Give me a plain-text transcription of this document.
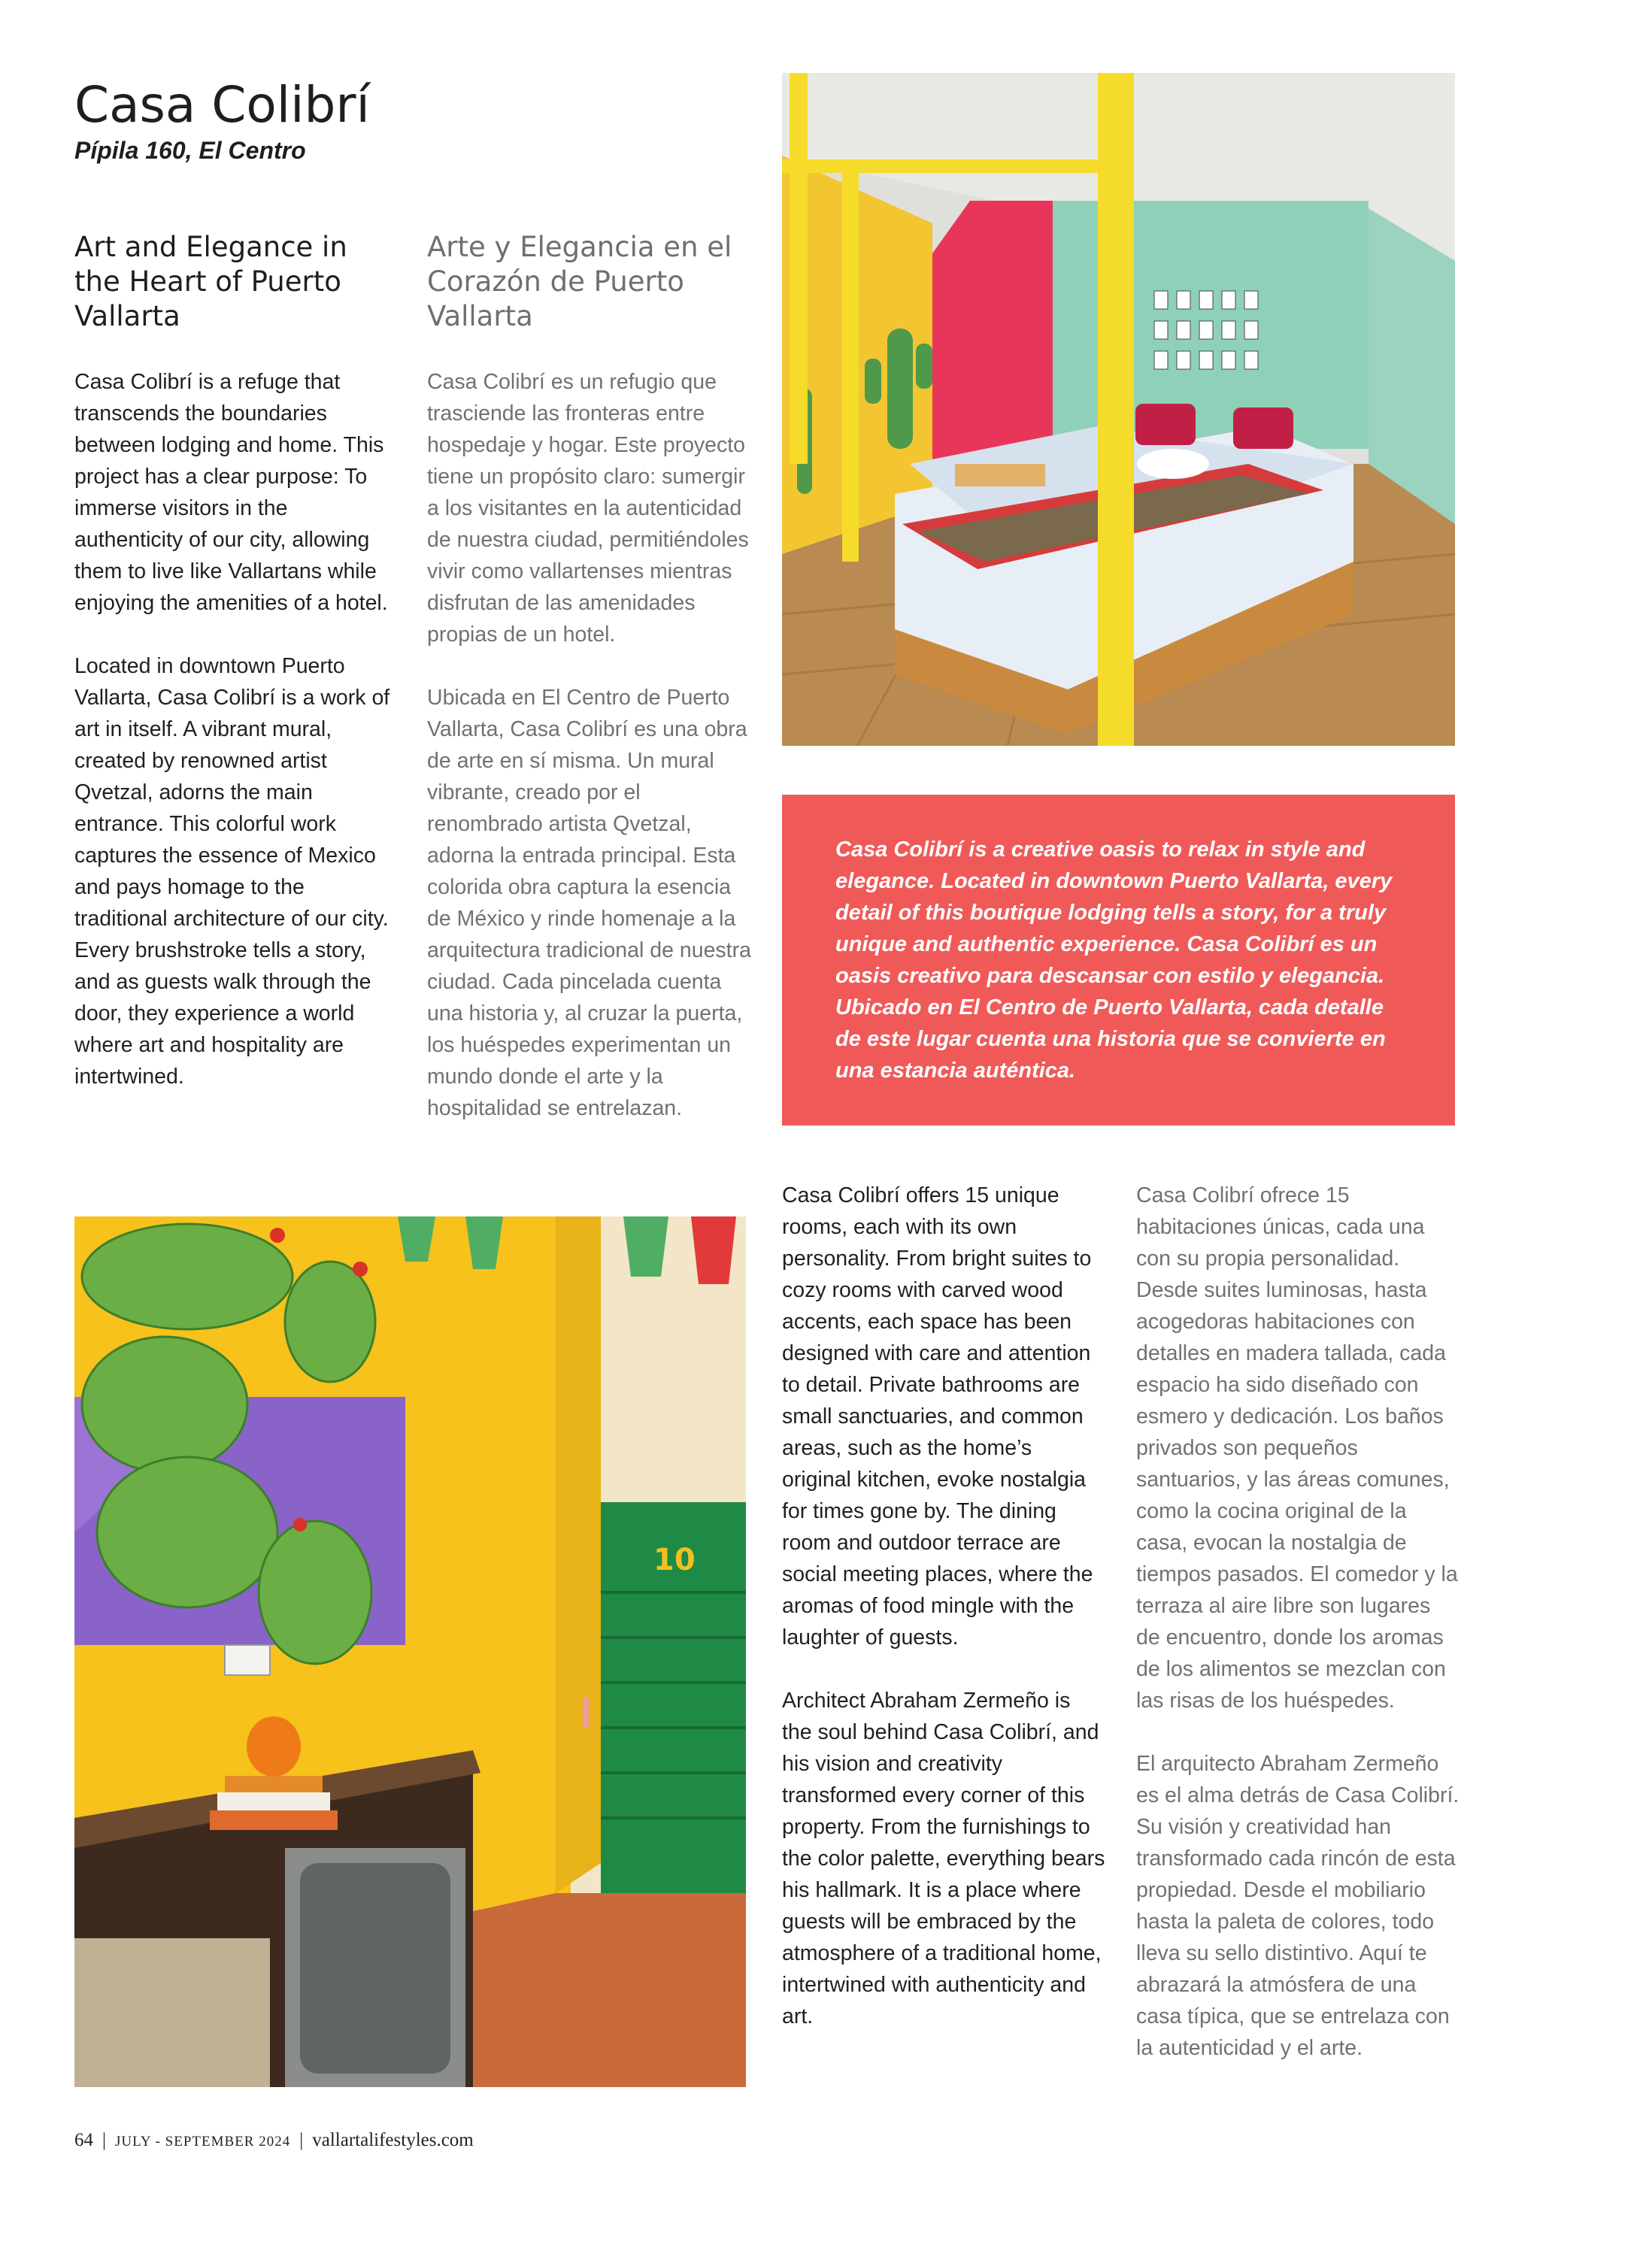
Casa Colibrí
Pípila 160, El Centro
Art and Elegance in the Heart of Puerto Vallarta
Arte y Elegancia en el Corazón de Puerto Vallarta

Casa Colibrí is a refuge that transcends the boundaries between lodging and home. This project has a clear purpose: To immerse visitors in the authenticity of our city, allowing them to live like Vallartans while enjoying the amenities of a hotel.

Located in downtown Puerto Vallarta, Casa Colibrí is a work of art in itself. A vibrant mural, created by renowned artist Qvetzal, adorns the main entrance. This colorful work captures the essence of Mexico and pays homage to the traditional architecture of our city. Every brushstroke tells a story, and as guests walk through the door, they experience a world where art and hospitality are intertwined.

Casa Colibrí es un refugio que trasciende las fronteras entre hospedaje y hogar. Este proyecto tiene un propósito claro: sumergir a los visitantes en la autenticidad de nuestra ciudad, permitiéndoles vivir como vallartenses mientras disfrutan de las amenidades propias de un hotel.

Ubicada en El Centro de Puerto Vallarta, Casa Colibrí es una obra de arte en sí misma. Un mural vibrante, creado por el renombrado artista Qvetzal, adorna la entrada principal. Esta colorida obra captura la esencia de México y rinde homenaje a la arquitectura tradicional de nuestra ciudad. Cada pincelada cuenta una historia y, al cruzar la puerta, los huéspedes experimentan un mundo donde el arte y la hospitalidad se entrelazan.

Casa Colibrí is a creative oasis to relax in style and elegance. Located in downtown Puerto Vallarta, every detail of this boutique lodging tells a story, for a truly unique and authentic experience. Casa Colibrí es un oasis creativo para descansar con estilo y elegancia. Ubicado en El Centro de Puerto Vallarta, cada detalle de este lugar cuenta una historia que se convierte en una estancia auténtica.

Casa Colibrí offers 15 unique rooms, each with its own personality. From bright suites to cozy rooms with carved wood accents, each space has been designed with care and attention to detail. Private bathrooms are small sanctuaries, and common areas, such as the home’s original kitchen, evoke nostalgia for times gone by. The dining room and outdoor terrace are social meeting places, where the aromas of food mingle with the laughter of guests.

Architect Abraham Zermeño is the soul behind Casa Colibrí, and his vision and creativity transformed every corner of this property. From the furnishings to the color palette, everything bears his hallmark. It is a place where guests will be embraced by the atmosphere of a traditional home, intertwined with authenticity and art.

Casa Colibrí ofrece 15 habitaciones únicas, cada una con su propia personalidad. Desde suites luminosas, hasta acogedoras habitaciones con detalles en madera tallada, cada espacio ha sido diseñado con esmero y dedicación. Los baños privados son pequeños santuarios, y las áreas comunes, como la cocina original de la casa, evocan la nostalgia de tiempos pasados. El comedor y la terraza al aire libre son lugares de encuentro, donde los aromas de los alimentos se mezclan con las risas de los huéspedes.

El arquitecto Abraham Zermeño es el alma detrás de Casa Colibrí. Su visión y creatividad han transformado cada rincón de esta propiedad. Desde el mobiliario hasta la paleta de colores, todo lleva su sello distintivo. Aquí te abrazará la atmósfera de una casa típica, que se entrelaza con la autenticidad y el arte.

10
64 | JULY - SEPTEMBER 2024 | vallartalifestyles.com
